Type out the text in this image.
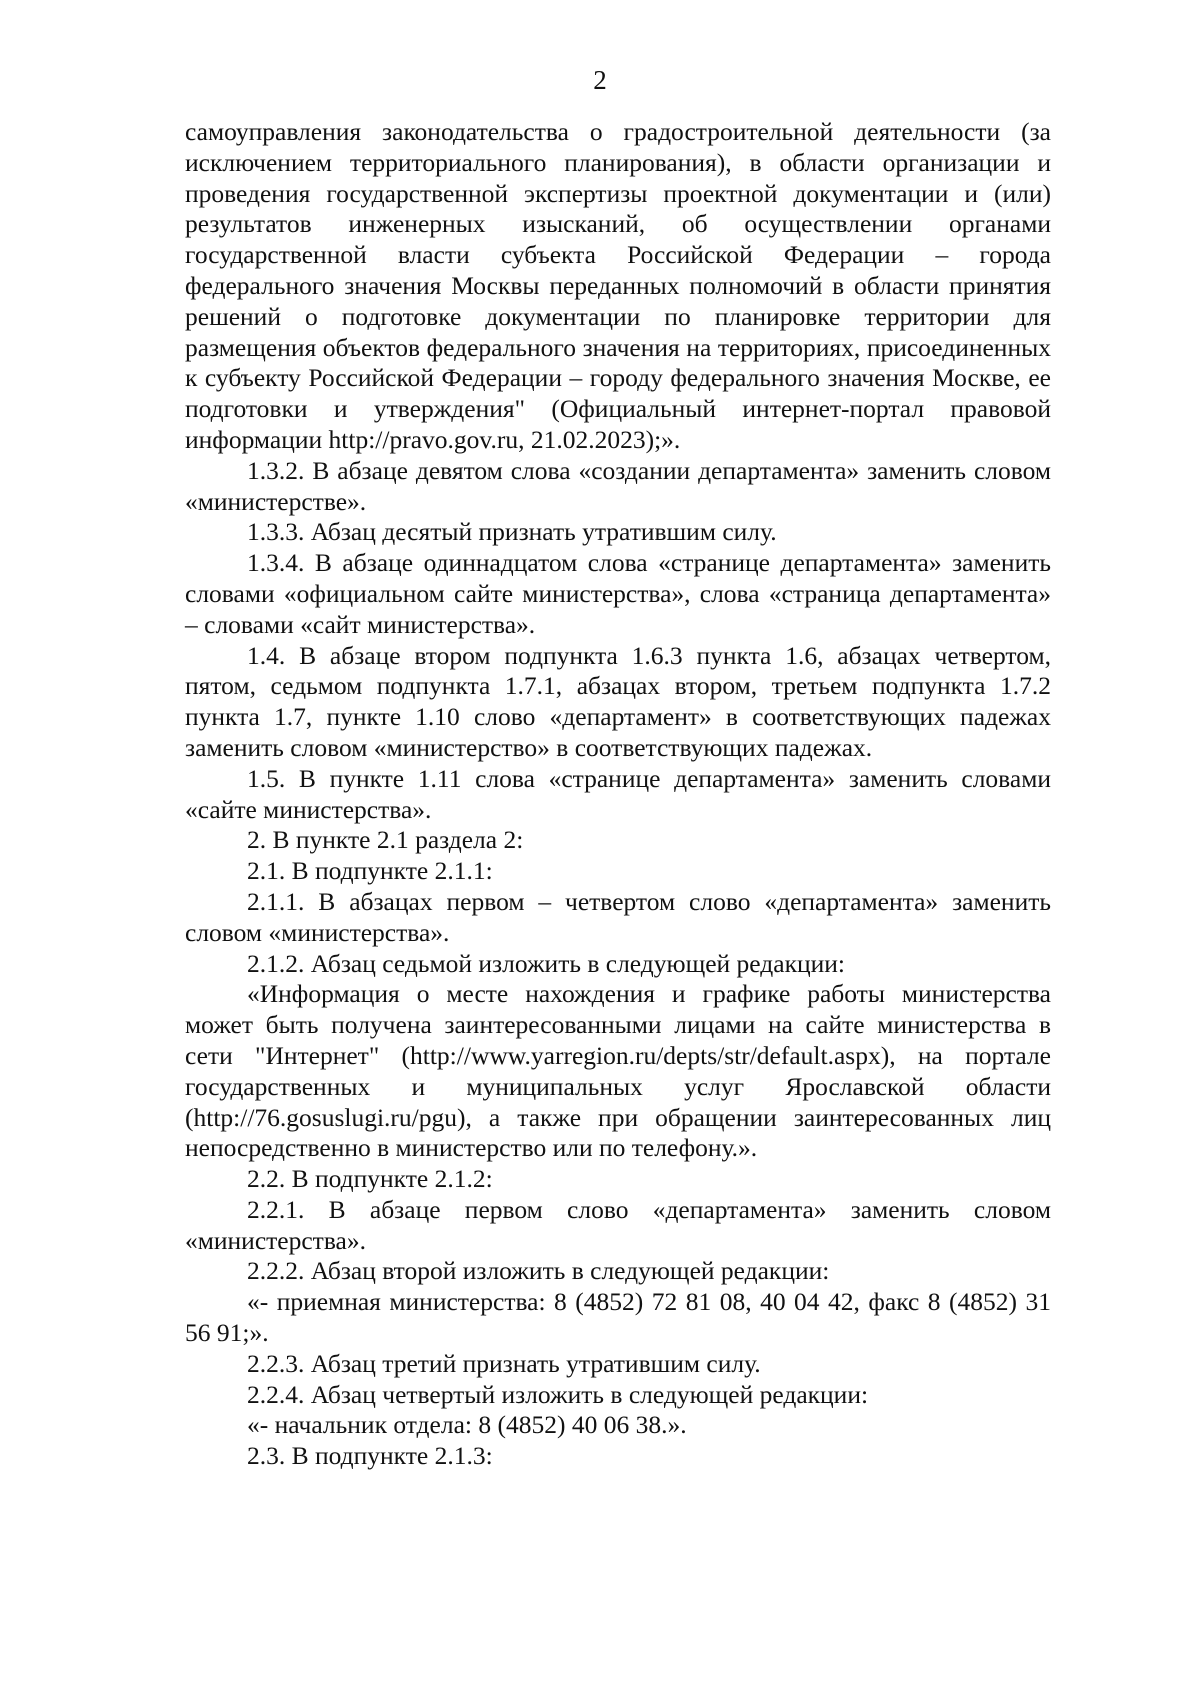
2

самоуправления законодательства о градостроительной деятельности (за исключением территориального планирования), в области организации и проведения государственной экспертизы проектной документации и (или) результатов инженерных изысканий, об осуществлении органами государственной власти субъекта Российской Федерации – города федерального значения Москвы переданных полномочий в области принятия решений о подготовке документации по планировке территории для размещения объектов федерального значения на территориях, присоединенных к субъекту Российской Федерации – городу федерального значения Москве, ее подготовки и утверждения" (Официальный интернет-портал правовой информации http://pravo.gov.ru, 21.02.2023);».

1.3.2. В абзаце девятом слова «создании департамента» заменить словом «министерстве».

1.3.3. Абзац десятый признать утратившим силу.

1.3.4. В абзаце одиннадцатом слова «странице департамента» заменить словами «официальном сайте министерства», слова «страница департамента» – словами «сайт министерства».

1.4. В абзаце втором подпункта 1.6.3 пункта 1.6, абзацах четвертом, пятом, седьмом подпункта 1.7.1, абзацах втором, третьем подпункта 1.7.2 пункта 1.7, пункте 1.10 слово «департамент» в соответствующих падежах заменить словом «министерство» в соответствующих падежах.

1.5. В пункте 1.11 слова «странице департамента» заменить словами «сайте министерства».

2. В пункте 2.1 раздела 2:

2.1. В подпункте 2.1.1:

2.1.1. В абзацах первом – четвертом слово «департамента» заменить словом «министерства».

2.1.2. Абзац седьмой изложить в следующей редакции:

«Информация о месте нахождения и графике работы министерства может быть получена заинтересованными лицами на сайте министерства в сети "Интернет" (http://www.yarregion.ru/depts/str/default.aspx), на портале государственных и муниципальных услуг Ярославской области (http://76.gosuslugi.ru/pgu), а также при обращении заинтересованных лиц непосредственно в министерство или по телефону.».

2.2. В подпункте 2.1.2:

2.2.1. В абзаце первом слово «департамента» заменить словом «министерства».

2.2.2. Абзац второй изложить в следующей редакции:

«- приемная министерства: 8 (4852) 72 81 08, 40 04 42, факс 8 (4852) 31 56 91;».

2.2.3. Абзац третий признать утратившим силу.

2.2.4. Абзац четвертый изложить в следующей редакции:

«- начальник отдела: 8 (4852) 40 06 38.».

2.3. В подпункте 2.1.3:
